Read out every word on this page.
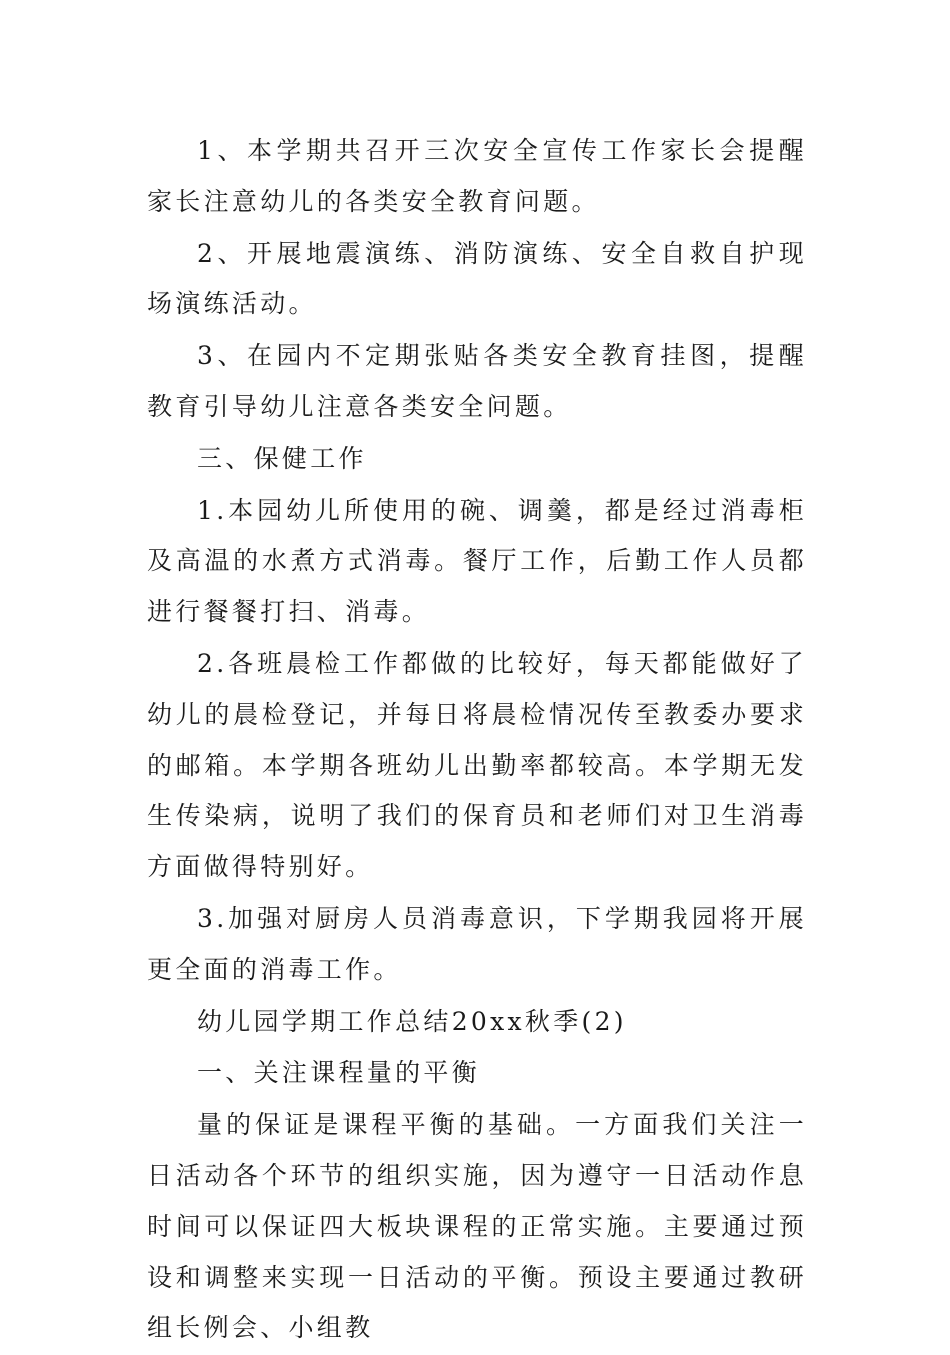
1、本学期共召开三次安全宣传工作家长会提醒家长注意幼儿的各类安全教育问题。

2、开展地震演练、消防演练、安全自救自护现场演练活动。

3、在园内不定期张贴各类安全教育挂图，提醒教育引导幼儿注意各类安全问题。

三、保健工作

1.本园幼儿所使用的碗、调羹，都是经过消毒柜及高温的水煮方式消毒。餐厅工作，后勤工作人员都进行餐餐打扫、消毒。

2.各班晨检工作都做的比较好，每天都能做好了幼儿的晨检登记，并每日将晨检情况传至教委办要求的邮箱。本学期各班幼儿出勤率都较高。本学期无发生传染病，说明了我们的保育员和老师们对卫生消毒方面做得特别好。

3.加强对厨房人员消毒意识，下学期我园将开展更全面的消毒工作。

幼儿园学期工作总结20xx秋季(2)

一、关注课程量的平衡

量的保证是课程平衡的基础。一方面我们关注一日活动各个环节的组织实施，因为遵守一日活动作息时间可以保证四大板块课程的正常实施。主要通过预设和调整来实现一日活动的平衡。预设主要通过教研组长例会、小组教
